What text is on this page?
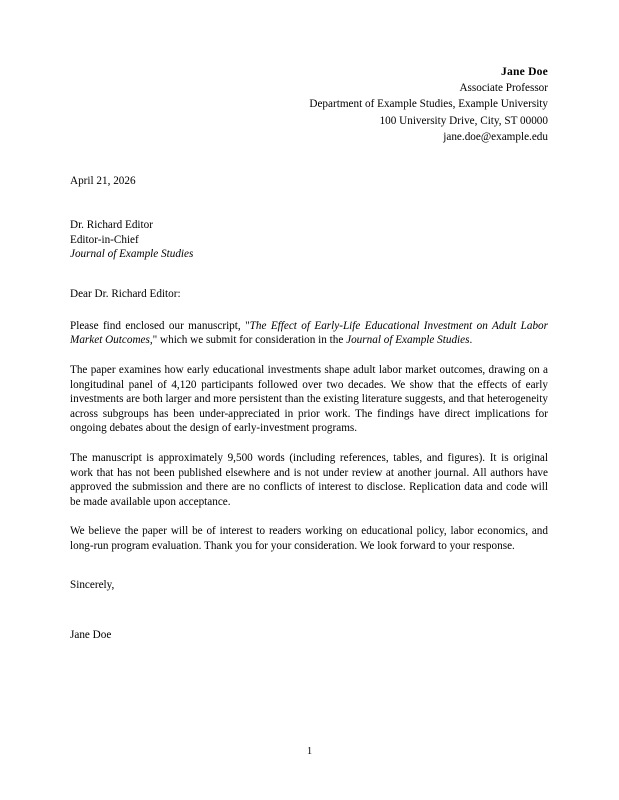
Jane Doe
Associate Professor
Department of Example Studies, Example University
100 University Drive, City, ST 00000
jane.doe@example.edu
April 21, 2026
Dr. Richard Editor
Editor-in-Chief
Journal of Example Studies
Dear Dr. Richard Editor:

Please find enclosed our manuscript, "The Effect of Early-Life Educational Investment on Adult Labor Market Outcomes," which we submit for consideration in the Journal of Example Studies.

The paper examines how early educational investments shape adult labor market outcomes, drawing on a longitudinal panel of 4,120 participants followed over two decades. We show that the effects of early investments are both larger and more persistent than the existing literature suggests, and that heterogeneity across subgroups has been under-appreciated in prior work. The findings have direct implications for ongoing debates about the design of early-investment programs.

The manuscript is approximately 9,500 words (including references, tables, and figures). It is original work that has not been published elsewhere and is not under review at another journal. All authors have approved the submission and there are no conflicts of interest to disclose. Replication data and code will be made available upon acceptance.

We believe the paper will be of interest to readers working on educational policy, labor economics, and long-run program evaluation. Thank you for your consideration. We look forward to your response.

Sincerely,
Jane Doe
1
